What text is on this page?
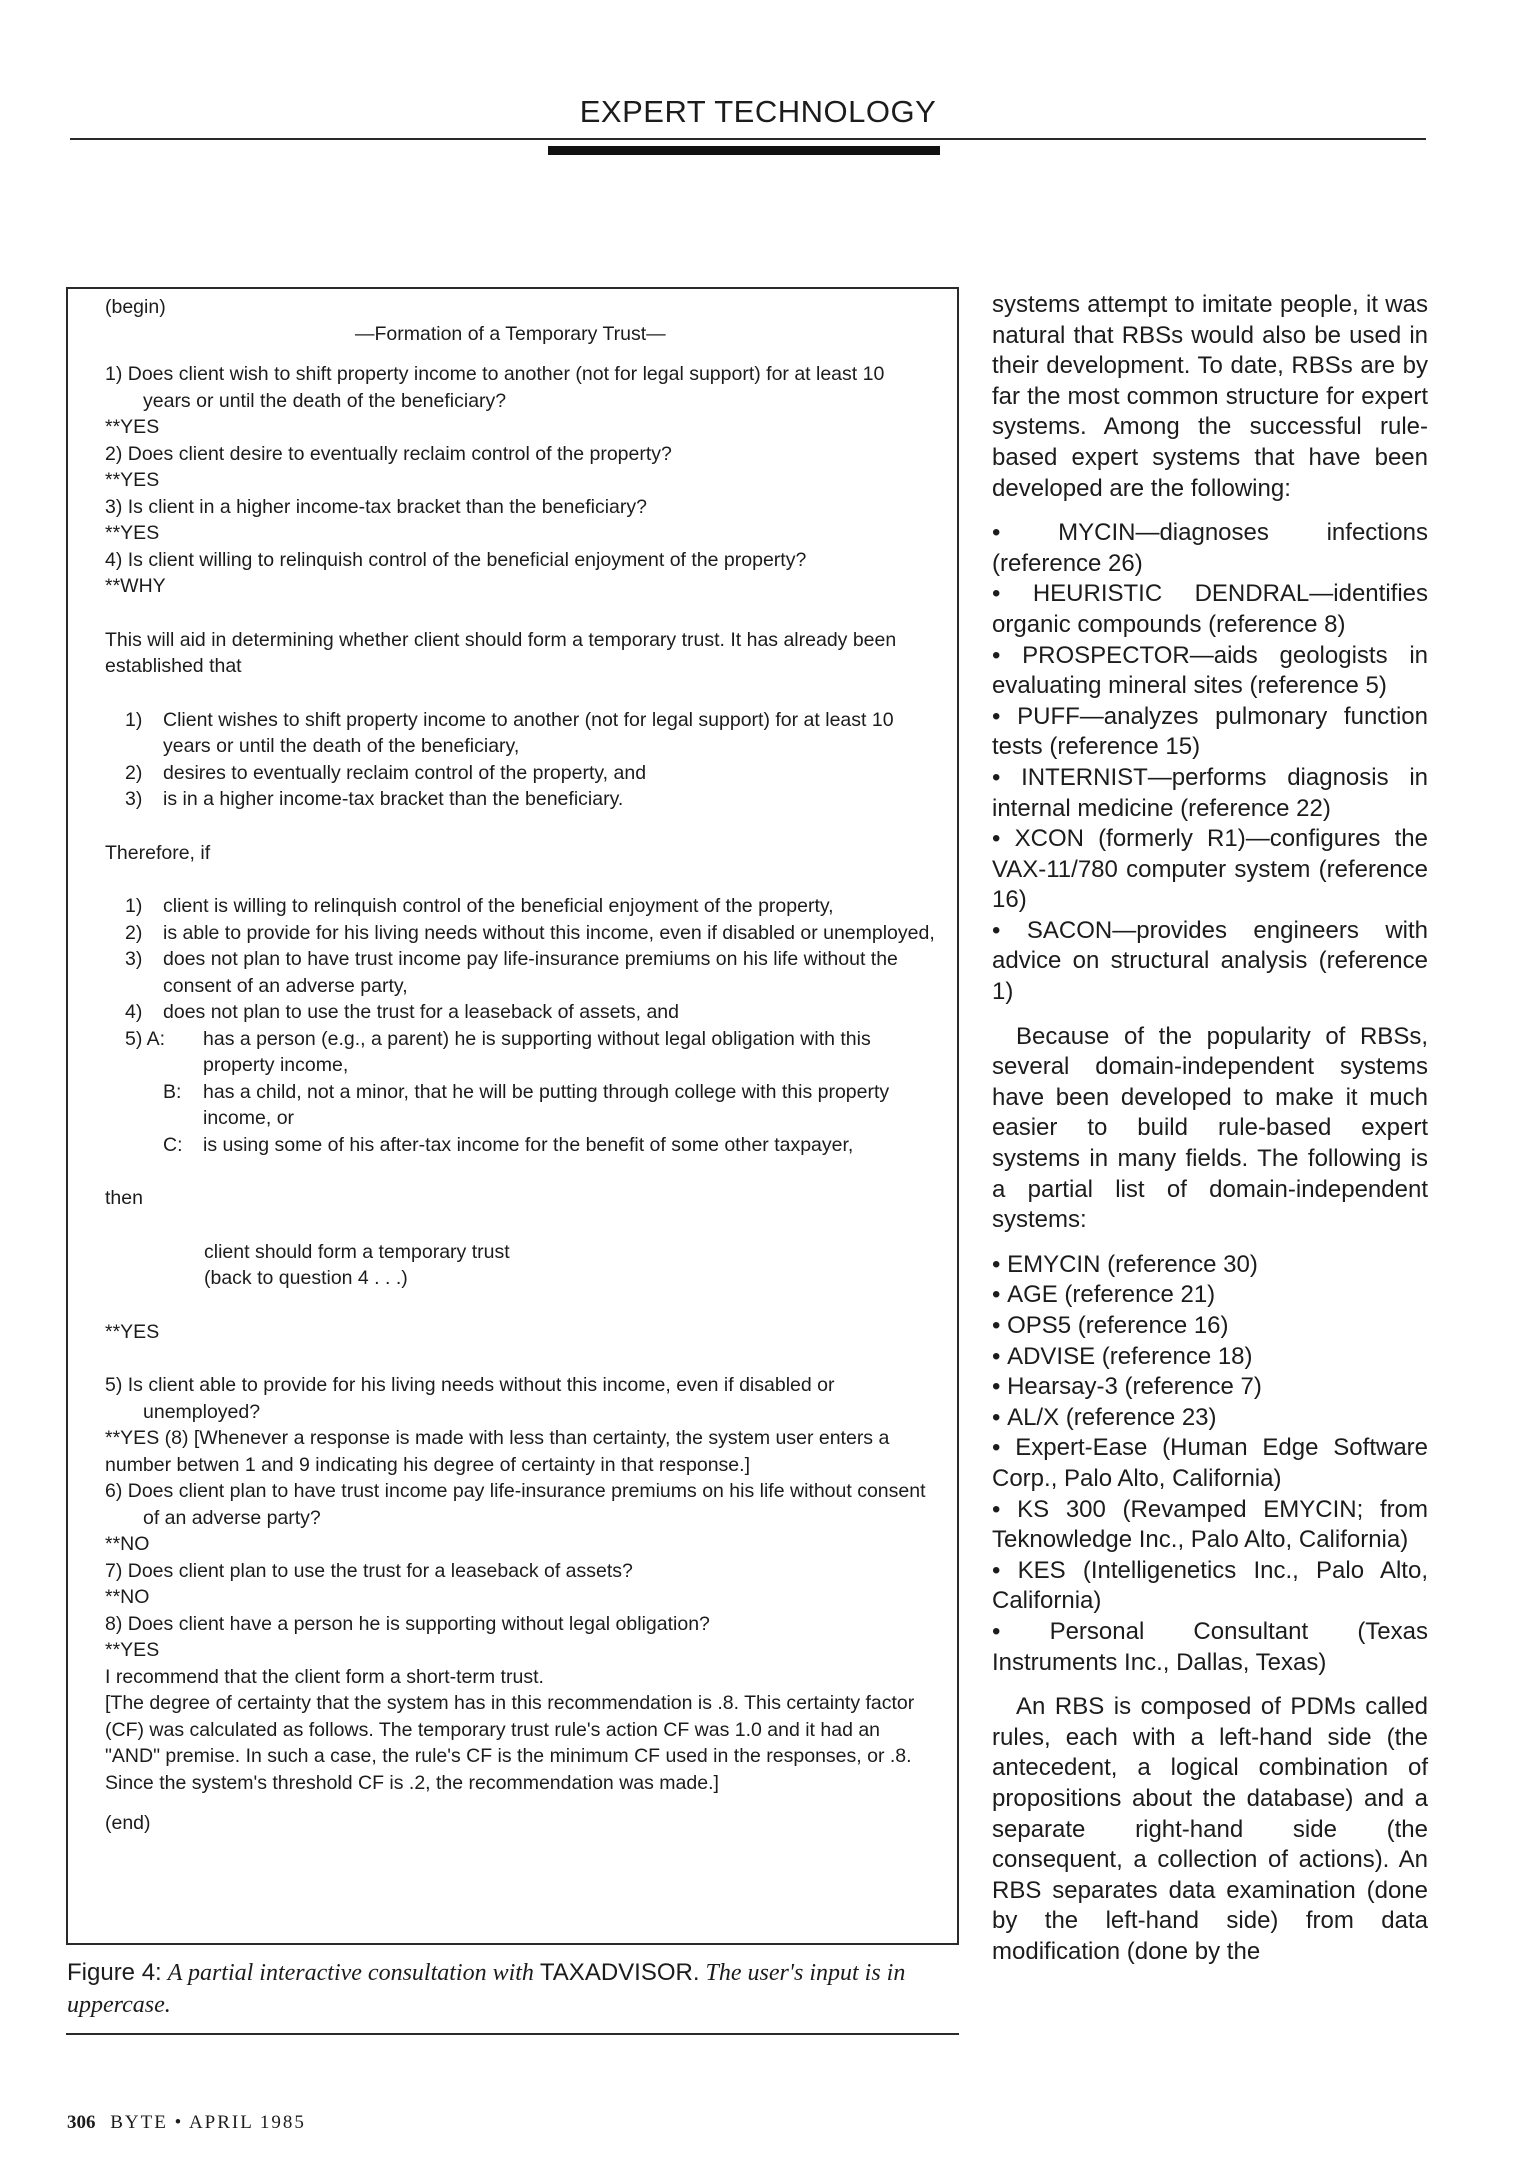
EXPERT TECHNOLOGY

(begin)

—Formation of a Temporary Trust—

1) Does client wish to shift property income to another (not for legal support) for at least 10 years or until the death of the beneficiary?

**YES

2) Does client desire to eventually reclaim control of the property?

**YES

3) Is client in a higher income-tax bracket than the beneficiary?

**YES

4) Is client willing to relinquish control of the beneficial enjoyment of the property?

**WHY

This will aid in determining whether client should form a temporary trust. It has already been established that

1) Client wishes to shift property income to another (not for legal support) for at least 10 years or until the death of the beneficiary,
2) desires to eventually reclaim control of the property, and
3) is in a higher income-tax bracket than the beneficiary.

Therefore, if

1) client is willing to relinquish control of the beneficial enjoyment of the property,
2) is able to provide for his living needs without this income, even if disabled or unemployed,
3) does not plan to have trust income pay life-insurance premiums on his life without the consent of an adverse party,
4) does not plan to use the trust for a leaseback of assets, and
5) A: has a person (e.g., a parent) he is supporting without legal obligation with this property income,
B: has a child, not a minor, that he will be putting through college with this property income, or
C: is using some of his after-tax income for the benefit of some other taxpayer,

then

client should form a temporary trust

(back to question 4 . . .)

**YES

5) Is client able to provide for his living needs without this income, even if disabled or unemployed?

**YES (8) [Whenever a response is made with less than certainty, the system user enters a number betwen 1 and 9 indicating his degree of certainty in that response.]

6) Does client plan to have trust income pay life-insurance premiums on his life without consent of an adverse party?

**NO

7) Does client plan to use the trust for a leaseback of assets?

**NO

8) Does client have a person he is supporting without legal obligation?

**YES

I recommend that the client form a short-term trust.

[The degree of certainty that the system has in this recommendation is .8. This certainty factor (CF) was calculated as follows. The temporary trust rule's action CF was 1.0 and it had an "AND" premise. In such a case, the rule's CF is the minimum CF used in the responses, or .8. Since the system's threshold CF is .2, the recommendation was made.]

(end)

Figure 4: A partial interactive consultation with TAXADVISOR. The user's input is in uppercase.

systems attempt to imitate people, it was natural that RBSs would also be used in their development. To date, RBSs are by far the most common structure for expert systems. Among the successful rule-based expert systems that have been developed are the following:

• MYCIN—diagnoses infections (reference 26)
• HEURISTIC DENDRAL—identifies organic compounds (reference 8)
• PROSPECTOR—aids geologists in evaluating mineral sites (reference 5)
• PUFF—analyzes pulmonary function tests (reference 15)
• INTERNIST—performs diagnosis in internal medicine (reference 22)
• XCON (formerly R1)—configures the VAX-11/780 computer system (reference 16)
• SACON—provides engineers with advice on structural analysis (reference 1)

Because of the popularity of RBSs, several domain-independent systems have been developed to make it much easier to build rule-based expert systems in many fields. The following is a partial list of domain-independent systems:

• EMYCIN (reference 30)
• AGE (reference 21)
• OPS5 (reference 16)
• ADVISE (reference 18)
• Hearsay-3 (reference 7)
• AL/X (reference 23)
• Expert-Ease (Human Edge Software Corp., Palo Alto, California)
• KS 300 (Revamped EMYCIN; from Teknowledge Inc., Palo Alto, California)
• KES (Intelligenetics Inc., Palo Alto, California)
• Personal Consultant (Texas Instruments Inc., Dallas, Texas)

An RBS is composed of PDMs called rules, each with a left-hand side (the antecedent, a logical combination of propositions about the database) and a separate right-hand side (the consequent, a collection of actions). An RBS separates data examination (done by the left-hand side) from data modification (done by the

306 BYTE • APRIL 1985
